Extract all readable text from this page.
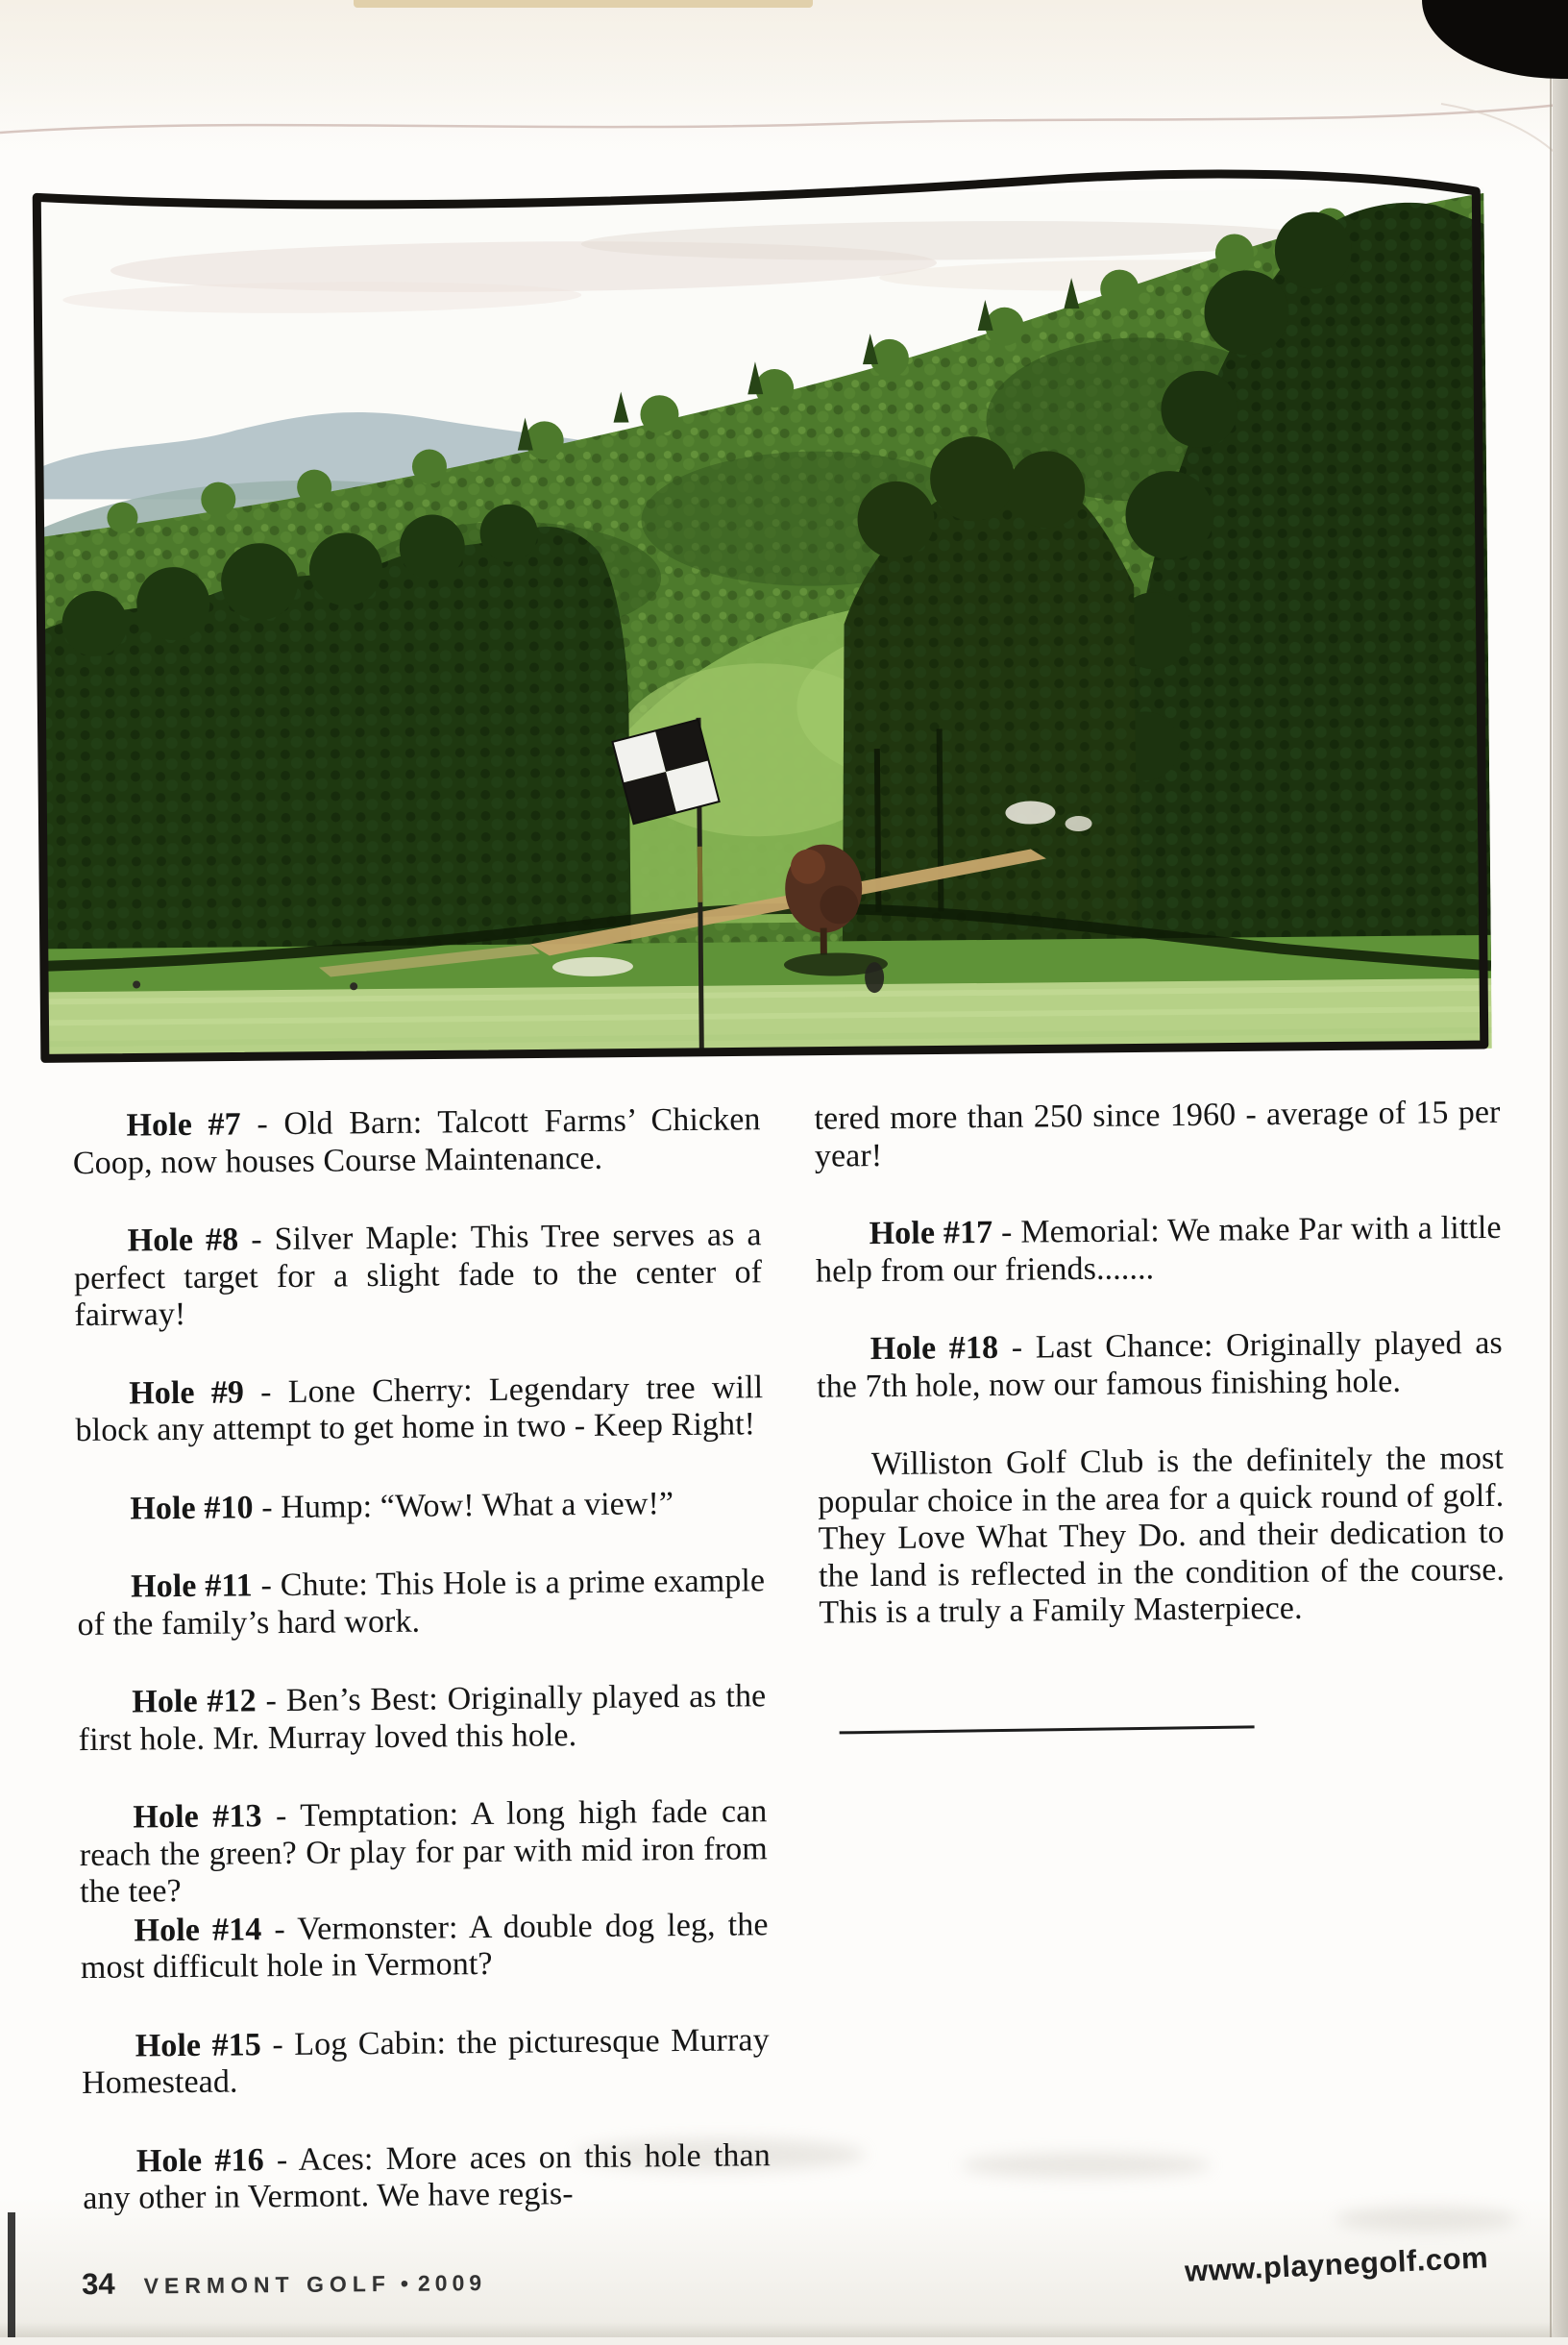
Hole #7 - Old Barn: Talcott Farms’ Chicken Coop, now houses Course Maintenance.

Hole #8 - Silver Maple: This Tree serves as a perfect target for a slight fade to the center of fairway!

Hole #9 - Lone Cherry: Legendary tree will block any attempt to get home in two - Keep Right!

Hole #10 - Hump: “Wow! What a view!”

Hole #11 - Chute: This Hole is a prime example of the family’s hard work.

Hole #12 - Ben’s Best: Originally played as the first hole. Mr. Murray loved this hole.

Hole #13 - Temptation: A long high fade can reach the green? Or play for par with mid iron from the tee?

Hole #14 - Vermonster: A double dog leg, the most difficult hole in Vermont?

Hole #15 - Log Cabin: the picturesque Murray Homestead.

Hole #16 - Aces: More aces on this hole than any other in Vermont. We have regis-

tered more than 250 since 1960 - average of 15 per year!

Hole #17 - Memorial: We make Par with a little help from our friends.......

Hole #18 - Last Chance: Originally played as the 7th hole, now our famous finishing hole.

Williston Golf Club is the definitely the most popular choice in the area for a quick round of golf. They Love What They Do. and their dedication to the land is reflected in the condition of the course. This is a truly a Family Masterpiece.

34 VERMONT GOLF • 2009	www.playnegolf.com
